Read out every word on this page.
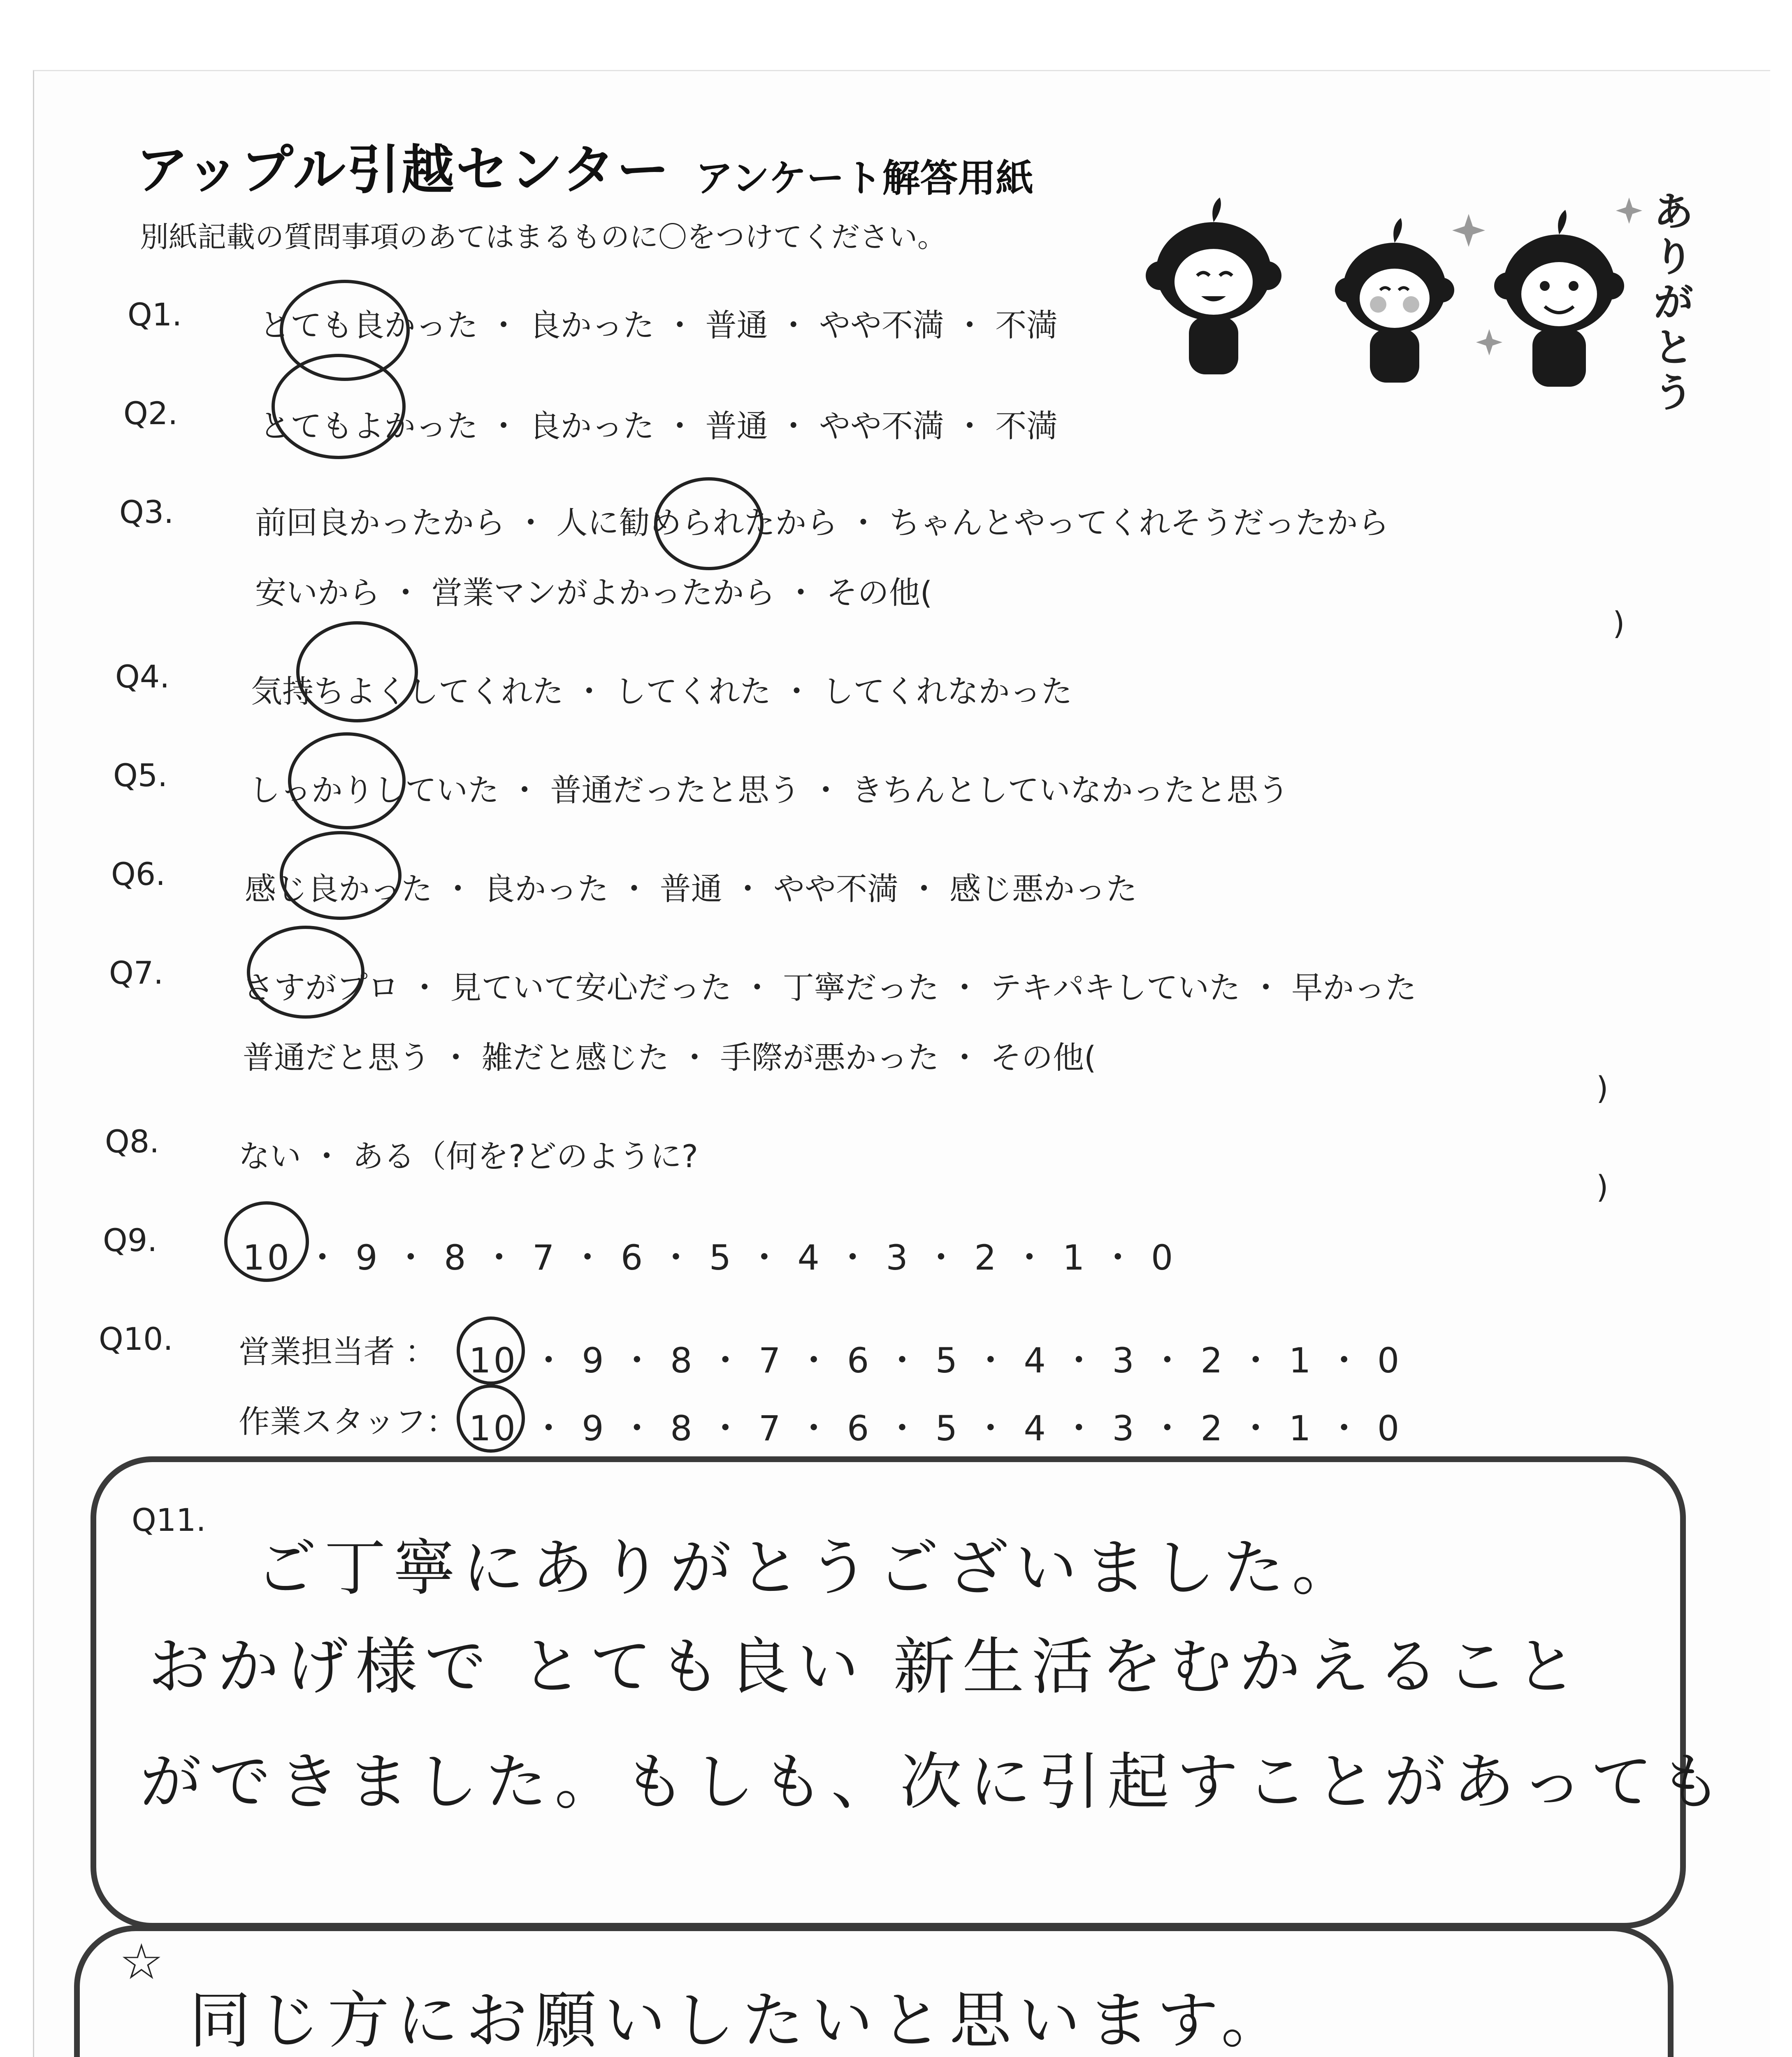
アップル引越センター アンケート解答用紙
別紙記載の質問事項のあてはまるものに〇をつけてください。
ありがとう
Q1. とても良かった ・ 良かった ・ 普通 ・ やや不満 ・ 不満
Q2.	とてもよかった ・ 良かった ・ 普通 ・ やや不満 ・ 不満
Q3.	前回良かったから ・ 人に勧められたから ・ ちゃんとやってくれそうだったから
安いから ・ 営業マンがよかったから ・ その他(
)
Q4.	気持ちよくしてくれた ・ してくれた ・ してくれなかった
Q5.	しっかりしていた ・ 普通だったと思う ・ きちんとしていなかったと思う
Q6.	感じ良かった ・ 良かった ・ 普通 ・ やや不満 ・ 感じ悪かった
Q7.	さすがプロ ・ 見ていて安心だった ・ 丁寧だった ・ テキパキしていた ・ 早かった
普通だと思う ・ 雑だと感じた ・ 手際が悪かった ・ その他(
)
Q8.	ない ・ ある（何を?どのように?
)
Q9. 10 ・ 9 ・ 8 ・ 7 ・ 6 ・ 5 ・ 4 ・ 3 ・ 2 ・ 1 ・ 0
Q10. 営業担当者 ： 10 ・ 9 ・ 8 ・ 7 ・ 6 ・ 5 ・ 4 ・ 3 ・ 2 ・ 1 ・ 0
作業スタッフ： 10 ・ 9 ・ 8 ・ 7 ・ 6 ・ 5 ・ 4 ・ 3 ・ 2 ・ 1 ・ 0
Q11.
ご丁寧にありがとうございました。
おかげ様で とても良い 新生活をむかえること
ができました。もしも、次に引起すことがあっても
☆
同じ方にお願いしたいと思います。
